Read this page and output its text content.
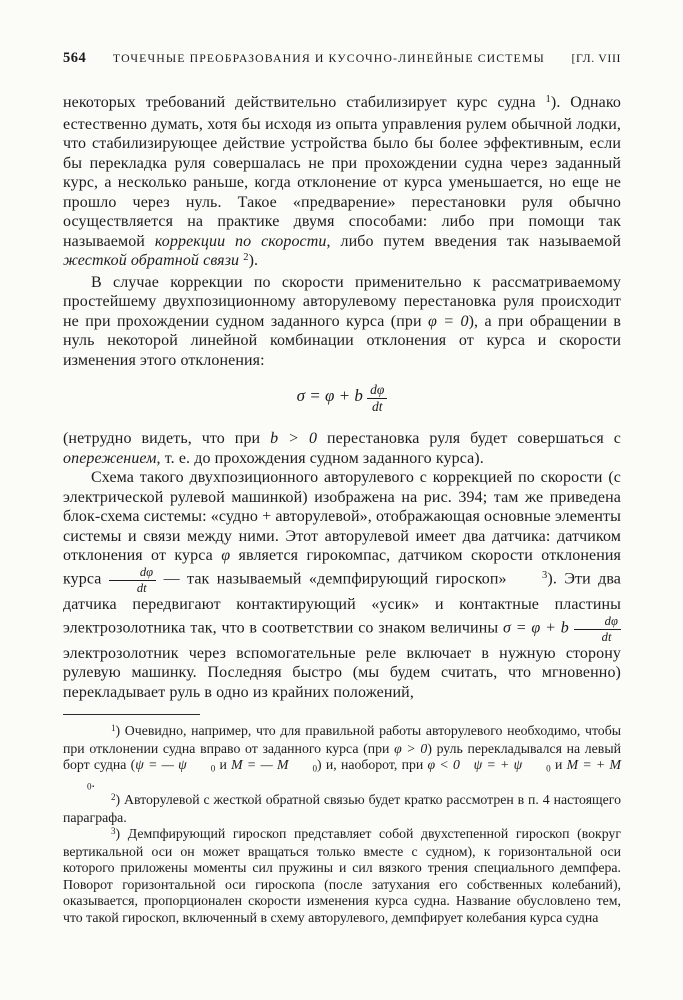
564	ТОЧЕЧНЫЕ ПРЕОБРАЗОВАНИЯ И КУСОЧНО-ЛИНЕЙНЫЕ СИСТЕМЫ	[ГЛ. VIII

некоторых требований действительно стабилизирует курс судна 1). Однако естественно думать, хотя бы исходя из опыта управления рулем обычной лодки, что стабилизирующее действие устройства было бы более эффективным, если бы перекладка руля совершалась не при прохождении судна через заданный курс, а несколько раньше, когда отклонение от курса уменьшается, но еще не прошло через нуль. Такое «предварение» перестановки руля обычно осуществляется на практике двумя способами: либо при помощи так называемой коррекции по скорости, либо путем введения так называемой жесткой обратной связи 2).

В случае коррекции по скорости применительно к рассматриваемому простейшему двухпозиционному авторулевому перестановка руля происходит не при прохождении судном заданного курса (при φ = 0), а при обращении в нуль некоторой линейной комбинации отклонения от курса и скорости изменения этого отклонения:

σ = φ + b $\frac{d\varphi}{dt}$

(нетрудно видеть, что при b > 0 перестановка руля будет совершаться с опережением, т. е. до прохождения судном заданного курса).

Схема такого двухпозиционного авторулевого с коррекцией по скорости (с электрической рулевой машинкой) изображена на рис. 394; там же приведена блок-схема системы: «судно + авторулевой», отображающая основные элементы системы и связи между ними. Этот авторулевой имеет два датчика: датчиком отклонения от курса φ является гирокомпас, датчиком скорости отклонения курса $\frac{d\varphi}{dt}$ — так называемый «демпфирующий гироскоп»	3). Эти два датчика передвигают контактирующий «усик» и контактные пластины электрозолотника так, что в соответствии со знаком величины σ = φ + b $\frac{d\varphi}{dt}$
электрозолотник через вспомогательные реле включает в нужную сторону рулевую машинку. Последняя быстро (мы будем считать, что мгновенно) перекладывает руль в одно из крайних положений,

1) Очевидно, например, что для правильной работы авторулевого необходимо, чтобы при отклонении судна вправо от заданного курса (при φ > 0) руль перекладывался на левый борт судна (ψ = — ψ	0 и M = — M	0) и, наоборот, при φ < 0  ψ = + ψ	0 и M = + M0.

2) Авторулевой с жесткой обратной связью будет кратко рассмотрен в п. 4 настоящего параграфа.

3) Демпфирующий гироскоп представляет собой двухстепенной гироскоп (вокруг вертикальной оси он может вращаться только вместе с судном), к горизонтальной оси которого приложены моменты сил пружины и сил вязкого трения специального демпфера. Поворот горизонтальной оси гироскопа (после затухания его собственных колебаний), оказывается, пропорционален скорости изменения курса судна. Название обусловлено тем, что такой гироскоп, включенный в схему авторулевого, демпфирует колебания курса судна
